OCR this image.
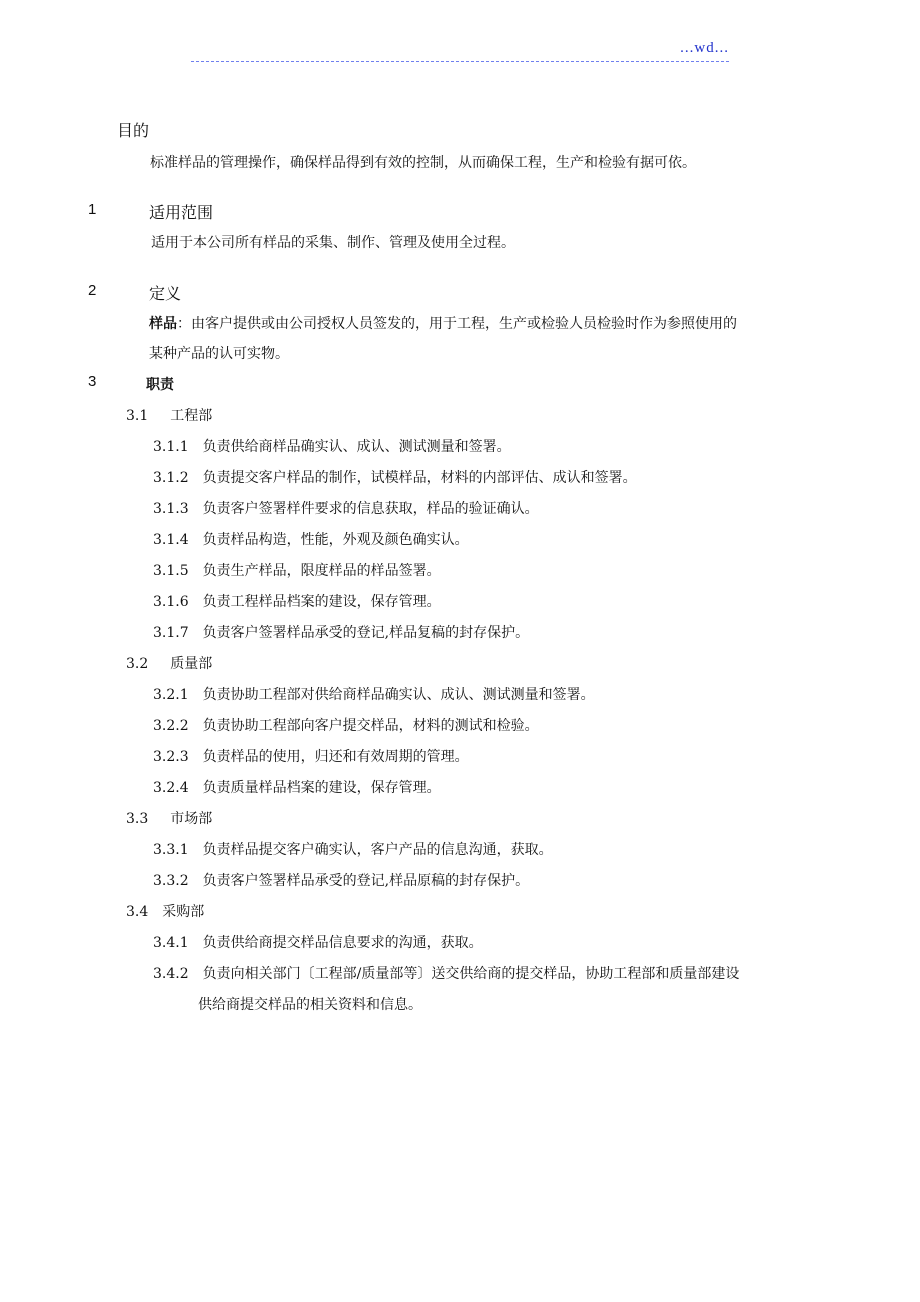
...wd...
目的
标准样品的管理操作，确保样品得到有效的控制，从而确保工程，生产和检验有据可依。
1	适用范围
适用于本公司所有样品的采集、制作、管理及使用全过程。
2	定义
样品：由客户提供或由公司授权人员签发的，用于工程，生产或检验人员检验时作为参照使用的
某种产品的认可实物。
3	职责
3.1 工程部
3.1.1 负责供给商样品确实认、成认、测试测量和签署。
3.1.2 负责提交客户样品的制作，试模样品，材料的内部评估、成认和签署。
3.1.3 负责客户签署样件要求的信息获取，样品的验证确认。
3.1.4 负责样品构造，性能，外观及颜色确实认。
3.1.5 负责生产样品，限度样品的样品签署。
3.1.6 负责工程样品档案的建设，保存管理。
3.1.7 负责客户签署样品承受的登记,样品复稿的封存保护。
3.2 质量部
3.2.1 负责协助工程部对供给商样品确实认、成认、测试测量和签署。
3.2.2 负责协助工程部向客户提交样品，材料的测试和检验。
3.2.3 负责样品的使用，归还和有效周期的管理。
3.2.4 负责质量样品档案的建设，保存管理。
3.3 市场部
3.3.1 负责样品提交客户确实认，客户产品的信息沟通，获取。
3.3.2 负责客户签署样品承受的登记,样品原稿的封存保护。
3.4 采购部
3.4.1 负责供给商提交样品信息要求的沟通，获取。
3.4.2 负责向相关部门〔工程部/质量部等〕送交供给商的提交样品，协助工程部和质量部建设
供给商提交样品的相关资料和信息。
